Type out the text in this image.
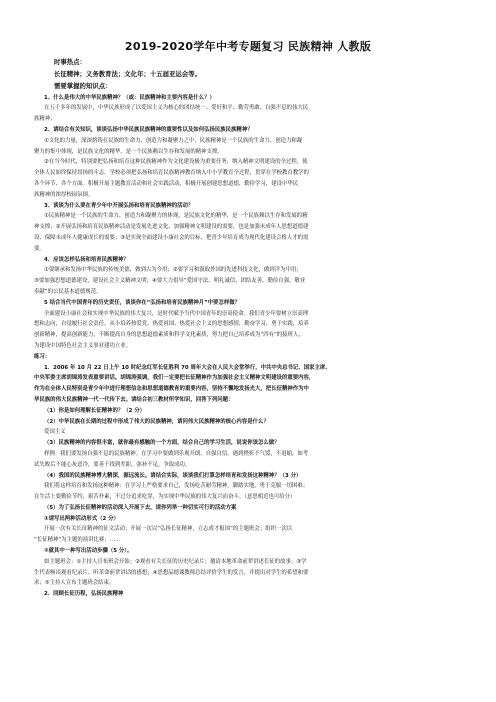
2019-2020学年中考专题复习 民族精神 人教版

时事热点：

长征精神；义务教育法；文化年；十五届亚运会等。

需要掌握的知识点：

1、什么是伟大的中华民族精神？（或：民族精神和主要内容是什么？）

在五千多年的发展中，中华民族形成了以爱国主义为核心的团结统一、爱好和平、勤劳勇敢、自强不息的伟大民

族精神；

2、请结合有关知识，谈谈弘扬中华民族民族精神的重要性以及如何弘扬民族民族精神？

①文化的力量，深深熔铸在民族的生命力、创造力和凝聚力之中，民族精神是一个民族的生命力、创造力和凝

聚力的集中体现，是民族文化的精华，是一个民族赖以生存和发展的精神支撑。

②在当今时代，特别要把弘扬和培育这种民族精神作为文化建设极为重要任务，纳入精神文明建设的全过程，使

全体人民始终保持昂扬的斗志。学校必须把弘扬和培育民族精神教育纳入中小学教育全过程，贯穿在学校教育教学的

各个环节、各个方面。积极开展主题教育活动和社会实践活动，积极开展创建思想道德，勤俭学习，建设中华民

族精神的浓厚校园氛围。

3、谈谈为什么要在青少年中开展弘扬和培育民族精神的活动？

①民族精神是一个民族的生命力、创造力和凝聚力的体现，是民族文化的精华，是一个民族赖以生存和发展的精

神支撑；②开展弘扬和培育民族精神活动是发展先进文化、加强精神文明建设的需要，也是加强未成年人思想道德建

设、保障未成年人健康成长的需要；③是实现全面建设小康社会的目标，把青少年培育成为现代化建设合格人才的需

要。

4、应该怎样弘扬和培育民族精神？

①要继承和发扬中华民族的传统美德，做到古为今用；②要学习和汲取外国的先进科技文化，做到洋为中用；

③要加强思想道德建设，建设社会主义精神文明；④要大力倡导“爱国守法、明礼诚信、团结友善、勤俭自强、敬业

奉献”的公民基本道德规范。

5 结合当代中国青年的历史责任，谈谈你在“弘扬和培育民族精神月”中要怎样做？

全面建设小康社会和实现中华民族的伟大复兴，是时代赋予当代中国青年的崇高使命。我们青少年要树立崇高理

想和志向，自觉履行社会责任，从小培养热爱党、热爱祖国、热爱社会主义的思想感情，勤奋学习，勇于实践，培养

创新精神，提高创新能力，不断提高自身的思想道德素质和科学文化素质，努力把自己培养成为“四有”的接班人，

为建设中国特色社会主义事业建功立业。

练习：

1．2006 年 10 月 22 日上午 10 时纪念红军长征胜利 70 周年大会在人民大会堂举行，中共中央总书记、国家主席、

中央军委主席胡锦涛发表重要讲话。胡锦涛强调，我们一定要把长征精神作为加强社会主义精神文明建设的重要内容，

作为在全体人民特别是青少年中进行理想信念和思想道德教育的重要内容，坚持不懈地发扬光大，把长征精神作为中

华民族的伟大民族精神一代一代传下去。请结合初三教材所学知识，回答下列问题：

（1）你是如何理解长征精神的？（2 分）

（2）中华民族在长期的过程中形成了伟大的民族精神，请问伟大民族精神的核心内容是什么？

爱国主义

（3）民族精神的内容很丰富，就你最有感触的一个方面，结合自己的学习生活，说说你该怎么做？

样例：我们要发扬自强不息的民族精神。在学习中要做到乐观开朗、自强自信。遇到挫折不气馁，不退缩，如考

试失败后不能心灰意冷，要善于找到差距，弥补不足，争取成功。

（4）我国的民族精神博大精深，源远流长。请结合实际，谈谈我们打算怎样培育和发扬这种精神？（3 分）

我们将这样培育和发扬这种精神：在学习上严格要求自己，发扬吃苦耐劳精神，脚踏实地，勇于克服一切困难；

在生活上要勤俭节约、艰苦朴素，不过分追求吃穿，为实现中华民族的伟大复兴而奋斗。（意思相近也可给分）

（5）为了弘扬长征精神的活动深入开展下去，请你列举一种切实可行的活动方案

①请写出两种活动形式（2 分）

开展一次有关长征精神的征文活动；开展一次以“弘扬长征精神，立志成才报国”的主题班会；组织一次以

“长征精神”为主题的演讲比赛；……

②就其中一种写出活动步骤（5 分）。

如主题班会：①主持人宣布班会开始；②观看有关长征的历史纪录片；邀请本地革命前辈讲述长征的故事；③学

生代表畅谈观看纪录片、听革命前辈讲话的感想；④思想品德课教师总结评价学生的发言，并提出对学生的希望和要

求；⑤主持人宣布主题班会结束。

2．回顾长征历程，弘扬民族精神
